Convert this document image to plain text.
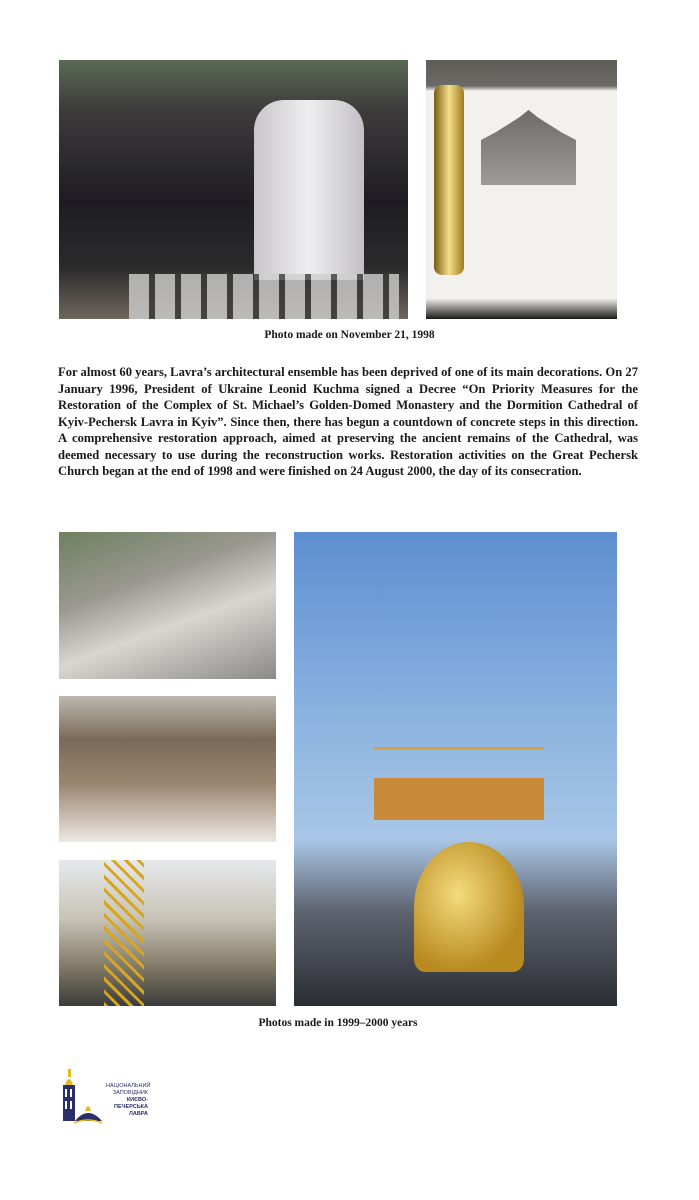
Photo made on November 21, 1998
For almost 60 years, Lavra’s architectural ensemble has been deprived of one of its main decorations. On 27 January 1996, President of Ukraine Leonid Kuchma signed a Decree “On Priority Measures for the Restoration of the Complex of St. Michael’s Golden-Domed Monastery and the Dormition Cathedral of Kyiv-Pechersk Lavra in Kyiv”. Since then, there has begun a countdown of concrete steps in this direction. A comprehensive restoration approach, aimed at preserving the ancient remains of the Cathedral, was deemed necessary to use during the reconstruction works. Restoration activities on the Great Pechersk Church began at the end of 1998 and were finished on 24 August 2000, the day of its consecration.
Photos made in 1999–2000 years
НАЦІОНАЛЬНИЙ
ЗАПОВІДНИК
КИЄВО-ПЕЧЕРСЬКА
ЛАВРА
